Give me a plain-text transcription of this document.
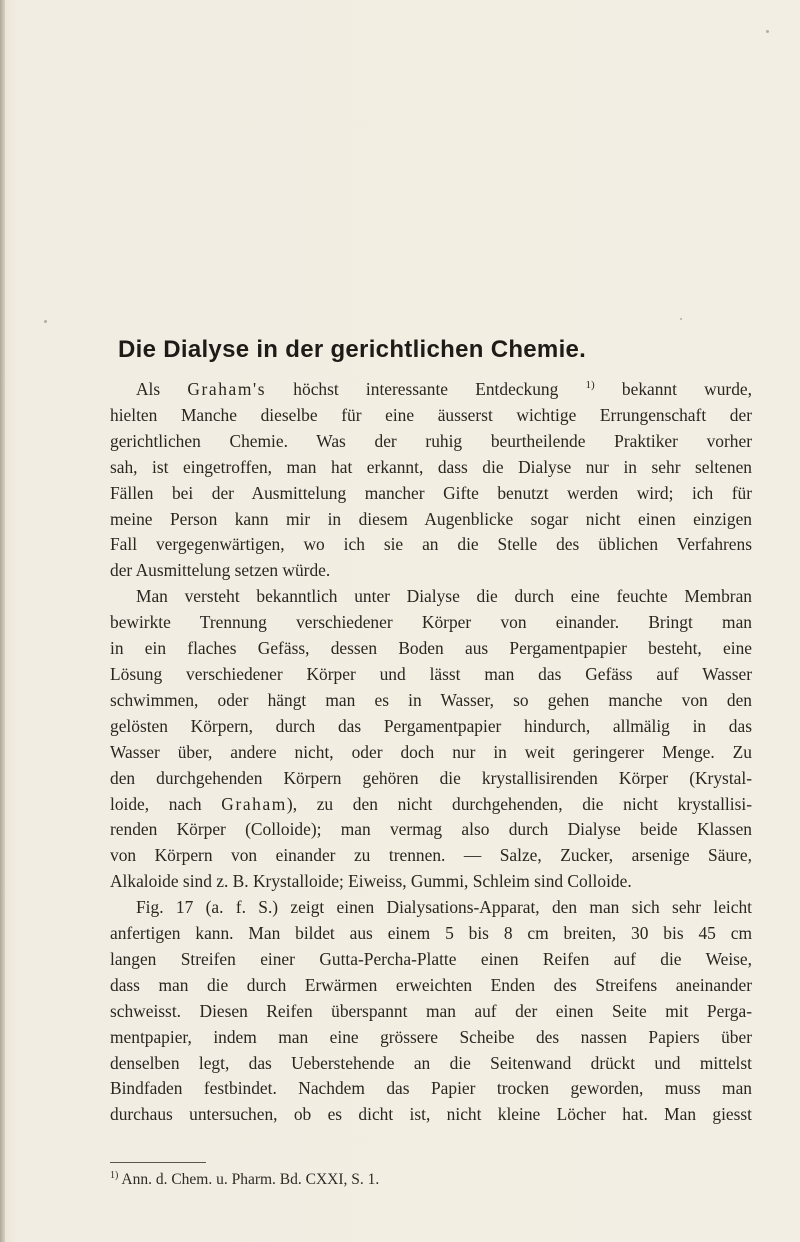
Die Dialyse in der gerichtlichen Chemie.
Als Graham's höchst interessante Entdeckung $^{1)}$ bekannt wurde,
hielten Manche dieselbe für eine äusserst wichtige Errungenschaft der
gerichtlichen Chemie. Was der ruhig beurtheilende Praktiker vorher
sah, ist eingetroffen, man hat erkannt, dass die Dialyse nur in sehr seltenen
Fällen bei der Ausmittelung mancher Gifte benutzt werden wird; ich für
meine Person kann mir in diesem Augenblicke sogar nicht einen einzigen
Fall vergegenwärtigen, wo ich sie an die Stelle des üblichen Verfahrens
der Ausmittelung setzen würde.
Man versteht bekanntlich unter Dialyse die durch eine feuchte Membran
bewirkte Trennung verschiedener Körper von einander. Bringt man
in ein flaches Gefäss, dessen Boden aus Pergamentpapier besteht, eine
Lösung verschiedener Körper und lässt man das Gefäss auf Wasser
schwimmen, oder hängt man es in Wasser, so gehen manche von den
gelösten Körpern, durch das Pergamentpapier hindurch, allmälig in das
Wasser über, andere nicht, oder doch nur in weit geringerer Menge. Zu
den durchgehenden Körpern gehören die krystallisirenden Körper (Krystal-
loide, nach Graham), zu den nicht durchgehenden, die nicht krystallisi-
renden Körper (Colloide); man vermag also durch Dialyse beide Klassen
von Körpern von einander zu trennen. — Salze, Zucker, arsenige Säure,
Alkaloide sind z. B. Krystalloide; Eiweiss, Gummi, Schleim sind Colloide.
Fig. 17 (a. f. S.) zeigt einen Dialysations-Apparat, den man sich sehr leicht
anfertigen kann. Man bildet aus einem 5 bis 8 cm breiten, 30 bis 45 cm
langen Streifen einer Gutta-Percha-Platte einen Reifen auf die Weise,
dass man die durch Erwärmen erweichten Enden des Streifens aneinander
schweisst. Diesen Reifen überspannt man auf der einen Seite mit Perga-
mentpapier, indem man eine grössere Scheibe des nassen Papiers über
denselben legt, das Ueberstehende an die Seitenwand drückt und mittelst
Bindfaden festbindet. Nachdem das Papier trocken geworden, muss man
durchaus untersuchen, ob es dicht ist, nicht kleine Löcher hat. Man giesst
$^{1)}$ Ann. d. Chem. u. Pharm. Bd. CXXI, S. 1.
